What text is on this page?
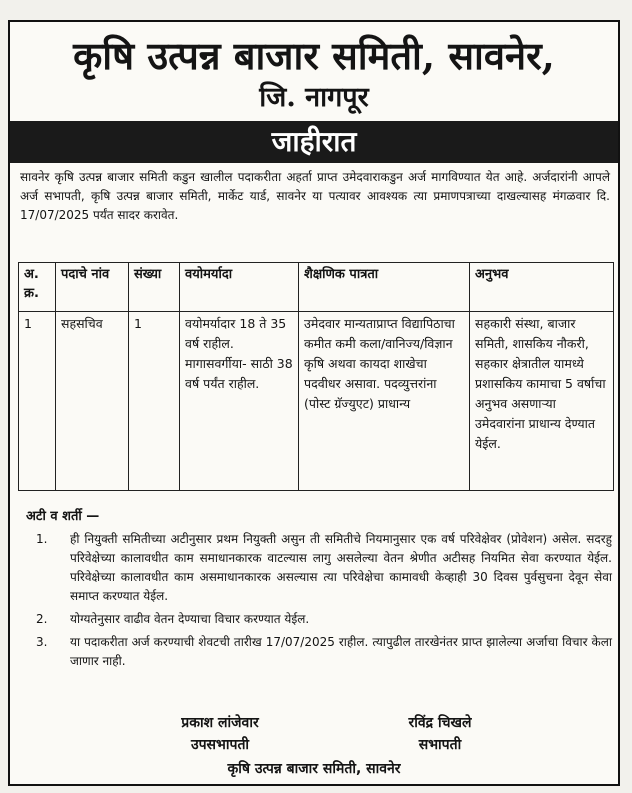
कृषि उत्पन्न बाजार समिती, सावनेर,
जि. नागपूर
जाहीरात
सावनेर कृषि उत्पन्न बाजार समिती कडुन खालील पदाकरीता अहर्ता प्राप्त उमेदवाराकडुन अर्ज मागविण्यात येत आहे. अर्जदारांनी आपले अर्ज सभापती, कृषि उत्पन्न बाजार समिती, मार्केट यार्ड, सावनेर या पत्यावर आवश्यक त्या प्रमाणपत्राच्या दाखल्यासह मंगळवार दि. 17/07/2025 पर्यंत सादर करावेत.
अ. क्र.	पदाचे नांव	संख्या	वयोमर्यादा	शैक्षणिक पात्रता	अनुभव
1	सहसचिव	1	वयोमर्यादार 18 ते 35 वर्ष राहील. मागासवर्गीया- साठी 38 वर्ष पर्यंत राहील.	उमेदवार मान्यताप्राप्त विद्यापिठाचा कमीत कमी कला/वानिज्य/विज्ञान कृषि अथवा कायदा शाखेचा पदवीधर असावा. पदव्युत्तरांना (पोस्ट ग्रॅज्युएट) प्राधान्य	सहकारी संस्था, बाजार समिती, शासकिय नौकरी, सहकार क्षेत्रातील यामध्ये प्रशासकिय कामाचा 5 वर्षाचा अनुभव असणाऱ्या उमेदवारांना प्राधान्य देण्यात येईल.
अटी व शर्ती —
1.	ही नियुक्ती समितीच्या अटीनुसार प्रथम नियुक्ती असुन ती समितीचे नियमानुसार एक वर्ष परिवेक्षेवर (प्रोवेशन) असेल. सदरहु परिवेक्षेच्या कालावधीत काम समाधानकारक वाटल्यास लागु असलेल्या वेतन श्रेणीत अटीसह नियमित सेवा करण्यात येईल. परिवेक्षेच्या कालावधीत काम असमाधानकारक असल्यास त्या परिवेक्षेचा कामावधी केव्हाही 30 दिवस पुर्वसुचना देवून सेवा समाप्त करण्यात येईल.
2.	योग्यतेनुसार वाढीव वेतन देण्याचा विचार करण्यात येईल.
3.	या पदाकरीता अर्ज करण्याची शेवटची तारीख 17/07/2025 राहील. त्यापुढील तारखेनंतर प्राप्त झालेल्या अर्जाचा विचार केला जाणार नाही.
प्रकाश लांजेवार
उपसभापती
रविंद्र चिखले
सभापती
कृषि उत्पन्न बाजार समिती, सावनेर
